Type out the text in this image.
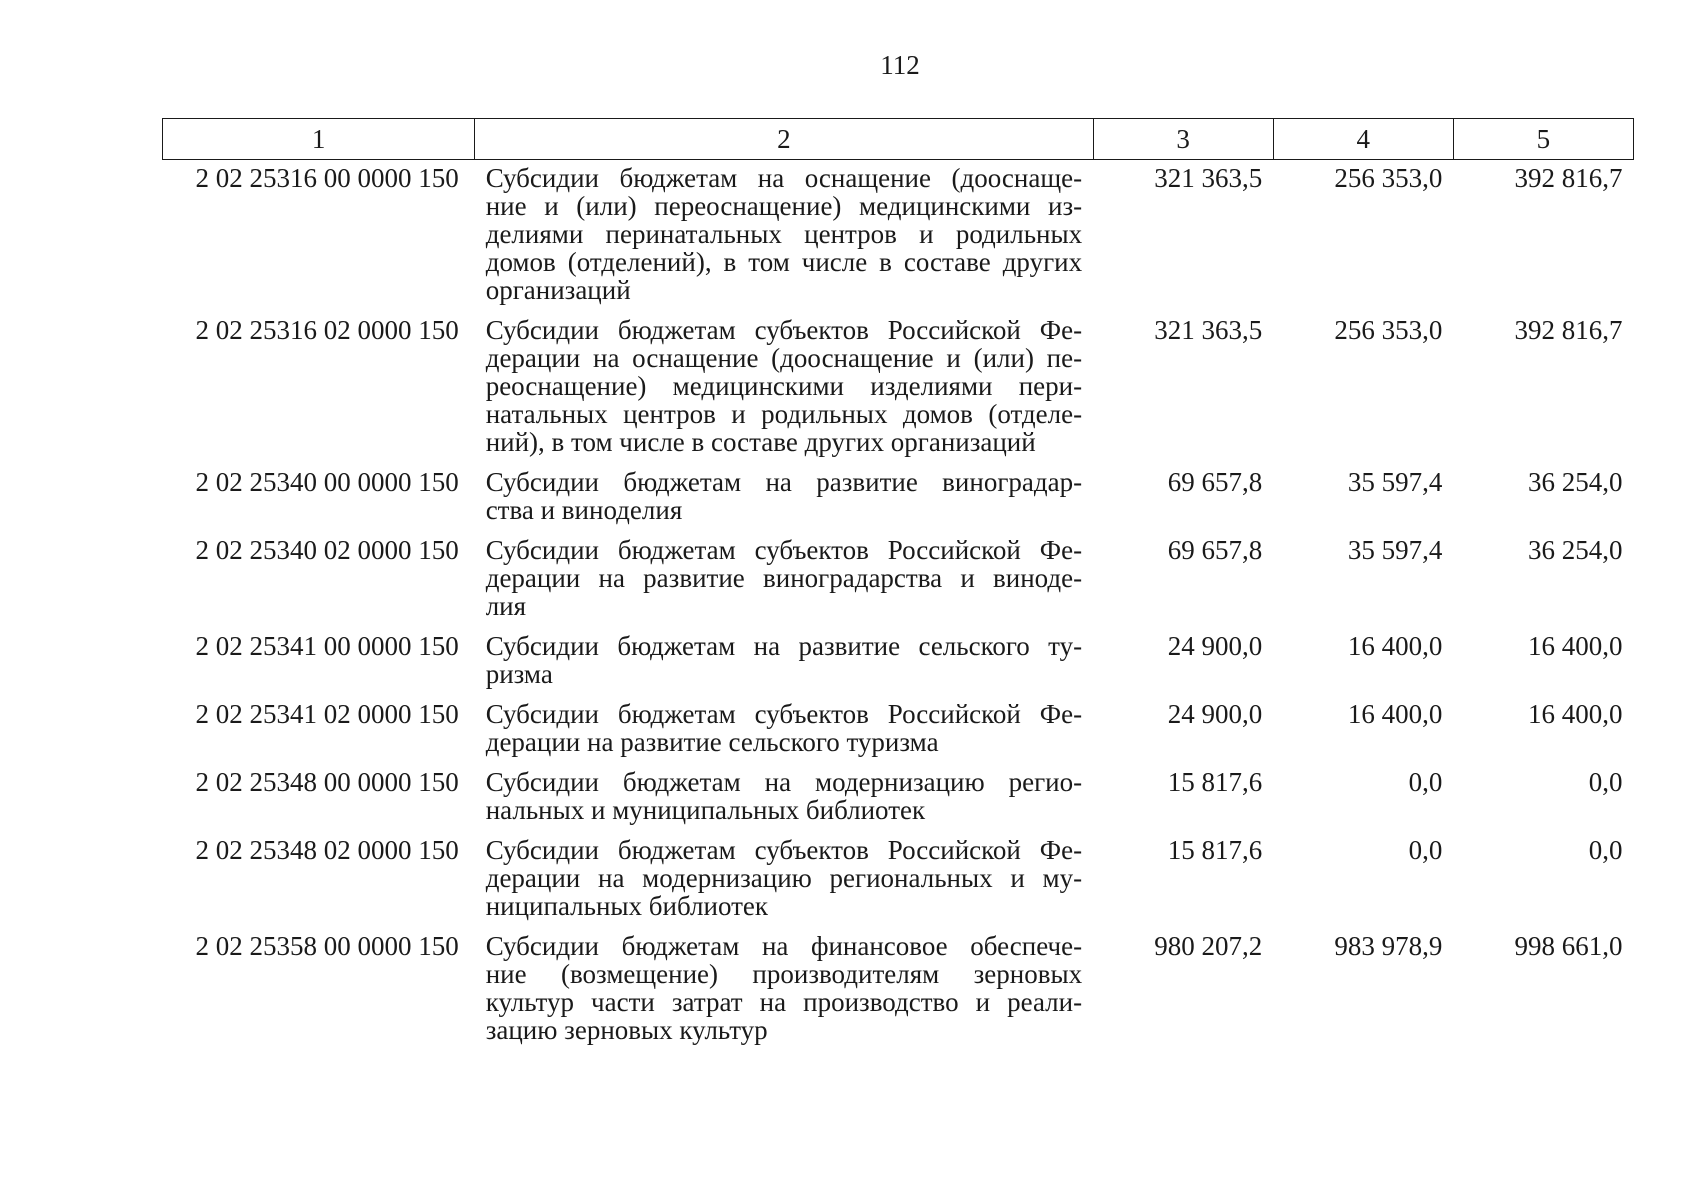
112
1	2	3	4	5
2 02 25316 00 0000 150	Субсидии бюджетам на оснащение (дооснаще-
ние и (или) переоснащение) медицинскими из-
делиями перинатальных центров и родильных
домов (отделений), в том числе в составе других
организаций	321 363,5	256 353,0	392 816,7
2 02 25316 02 0000 150	Субсидии бюджетам субъектов Российской Фе-
дерации на оснащение (дооснащение и (или) пе-
реоснащение) медицинскими изделиями пери-
натальных центров и родильных домов (отделе-
ний), в том числе в составе других организаций	321 363,5	256 353,0	392 816,7
2 02 25340 00 0000 150	Субсидии бюджетам на развитие виноградар-
ства и виноделия	69 657,8	35 597,4	36 254,0
2 02 25340 02 0000 150	Субсидии бюджетам субъектов Российской Фе-
дерации на развитие виноградарства и виноде-
лия	69 657,8	35 597,4	36 254,0
2 02 25341 00 0000 150	Субсидии бюджетам на развитие сельского ту-
ризма	24 900,0	16 400,0	16 400,0
2 02 25341 02 0000 150	Субсидии бюджетам субъектов Российской Фе-
дерации на развитие сельского туризма	24 900,0	16 400,0	16 400,0
2 02 25348 00 0000 150	Субсидии бюджетам на модернизацию регио-
нальных и муниципальных библиотек	15 817,6	0,0	0,0
2 02 25348 02 0000 150	Субсидии бюджетам субъектов Российской Фе-
дерации на модернизацию региональных и му-
ниципальных библиотек	15 817,6	0,0	0,0
2 02 25358 00 0000 150	Субсидии бюджетам на финансовое обеспече-
ние (возмещение) производителям зерновых
культур части затрат на производство и реали-
зацию зерновых культур	980 207,2	983 978,9	998 661,0
